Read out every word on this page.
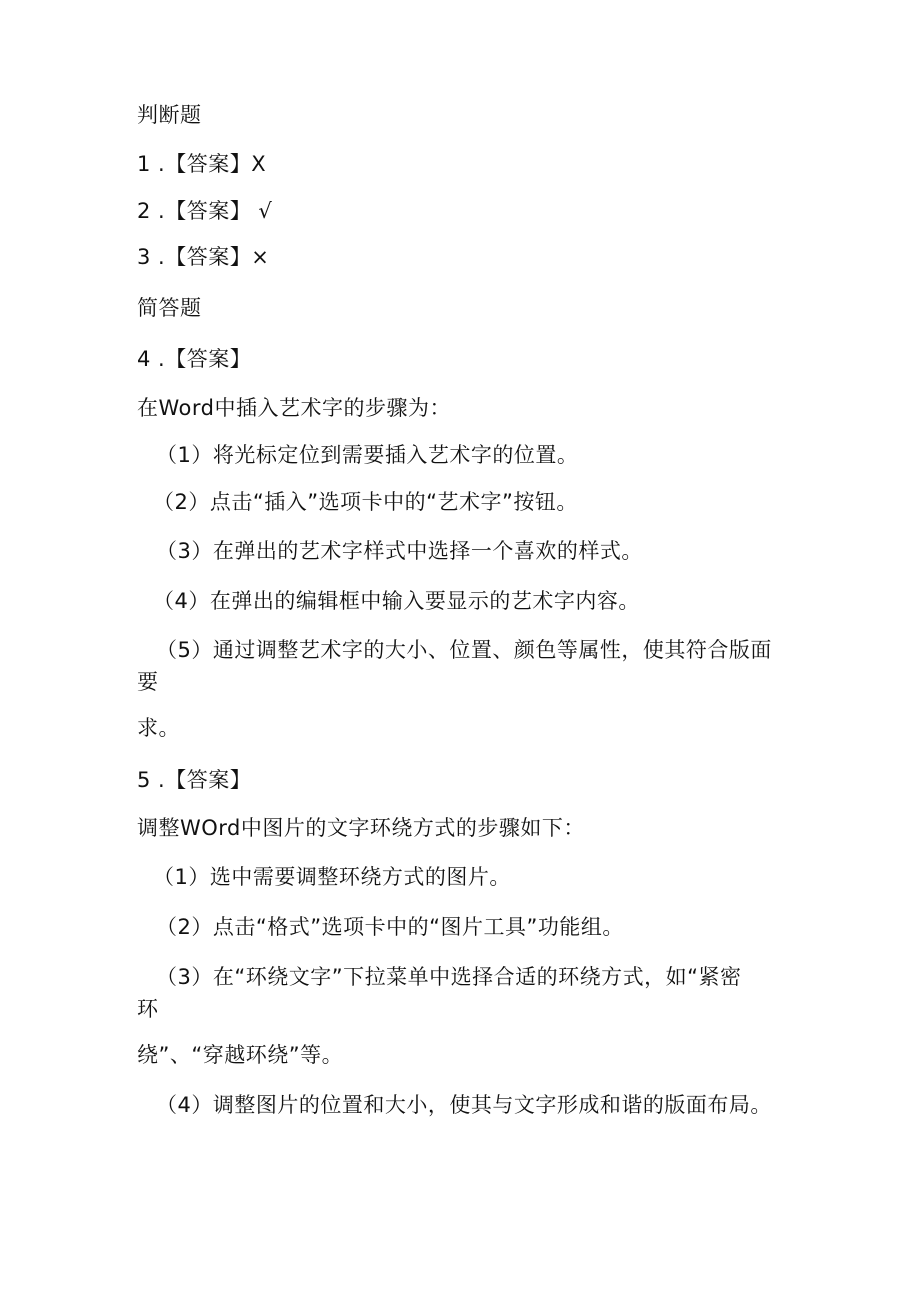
判断题
1 .【答案】X
2 .【答案】 √
3 .【答案】×
简答题
4 .【答案】
在Word中插入艺术字的步骤为：
（1）将光标定位到需要插入艺术字的位置。
（2）点击“插入”选项卡中的“艺术字”按钮。
（3）在弹出的艺术字样式中选择一个喜欢的样式。
（4）在弹出的编辑框中输入要显示的艺术字内容。
（5）通过调整艺术字的大小、位置、颜色等属性，使其符合版面
要
求。
5 .【答案】
调整WOrd中图片的文字环绕方式的步骤如下：
（1）选中需要调整环绕方式的图片。
（2）点击“格式”选项卡中的“图片工具”功能组。
（3）在“环绕文字”下拉菜单中选择合适的环绕方式，如“紧密
环
绕”、“穿越环绕”等。
（4）调整图片的位置和大小，使其与文字形成和谐的版面布局。
